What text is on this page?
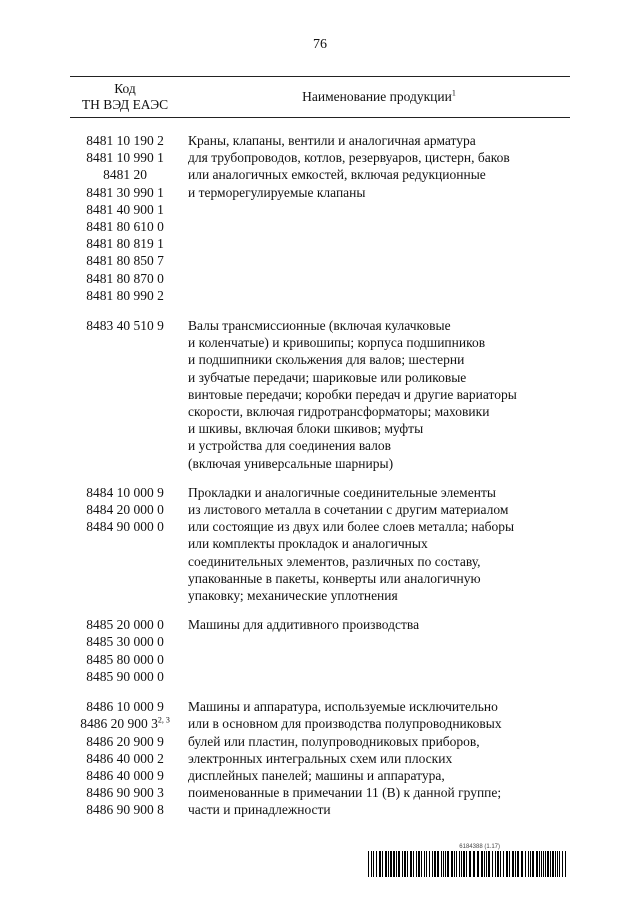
76
Код
ТН ВЭД ЕАЭС
Наименование продукции$^1$
8481 10 190 2
8481 10 990 1
8481 20
8481 30 990 1
8481 40 900 1
8481 80 610 0
8481 80 819 1
8481 80 850 7
8481 80 870 0
8481 80 990 2
Краны, клапаны, вентили и аналогичная арматура
для трубопроводов, котлов, резервуаров, цистерн, баков
или аналогичных емкостей, включая редукционные
и терморегулируемые клапаны
8483 40 510 9	Валы трансмиссионные (включая кулачковые
и коленчатые) и кривошипы; корпуса подшипников
и подшипники скольжения для валов; шестерни
и зубчатые передачи; шариковые или роликовые
винтовые передачи; коробки передач и другие вариаторы
скорости, включая гидротрансформаторы; маховики
и шкивы, включая блоки шкивов; муфты
и устройства для соединения валов
(включая универсальные шарниры)
8484 10 000 9
8484 20 000 0
8484 90 000 0
Прокладки и аналогичные соединительные элементы
из листового металла в сочетании с другим материалом
или состоящие из двух или более слоев металла; наборы
или комплекты прокладок и аналогичных
соединительных элементов, различных по составу,
упакованные в пакеты, конверты или аналогичную
упаковку; механические уплотнения
8485 20 000 0
8485 30 000 0
8485 80 000 0
8485 90 000 0
Машины для аддитивного производства
8486 10 000 9
8486 20 900 3$^{2, 3}$
8486 20 900 9
8486 40 000 2
8486 40 000 9
8486 90 900 3
8486 90 900 8
Машины и аппаратура, используемые исключительно
или в основном для производства полупроводниковых
булей или пластин, полупроводниковых приборов,
электронных интегральных схем или плоских
дисплейных панелей; машины и аппаратура,
поименованные в примечании 11 (В) к данной группе;
части и принадлежности
6184388 (1.17)
